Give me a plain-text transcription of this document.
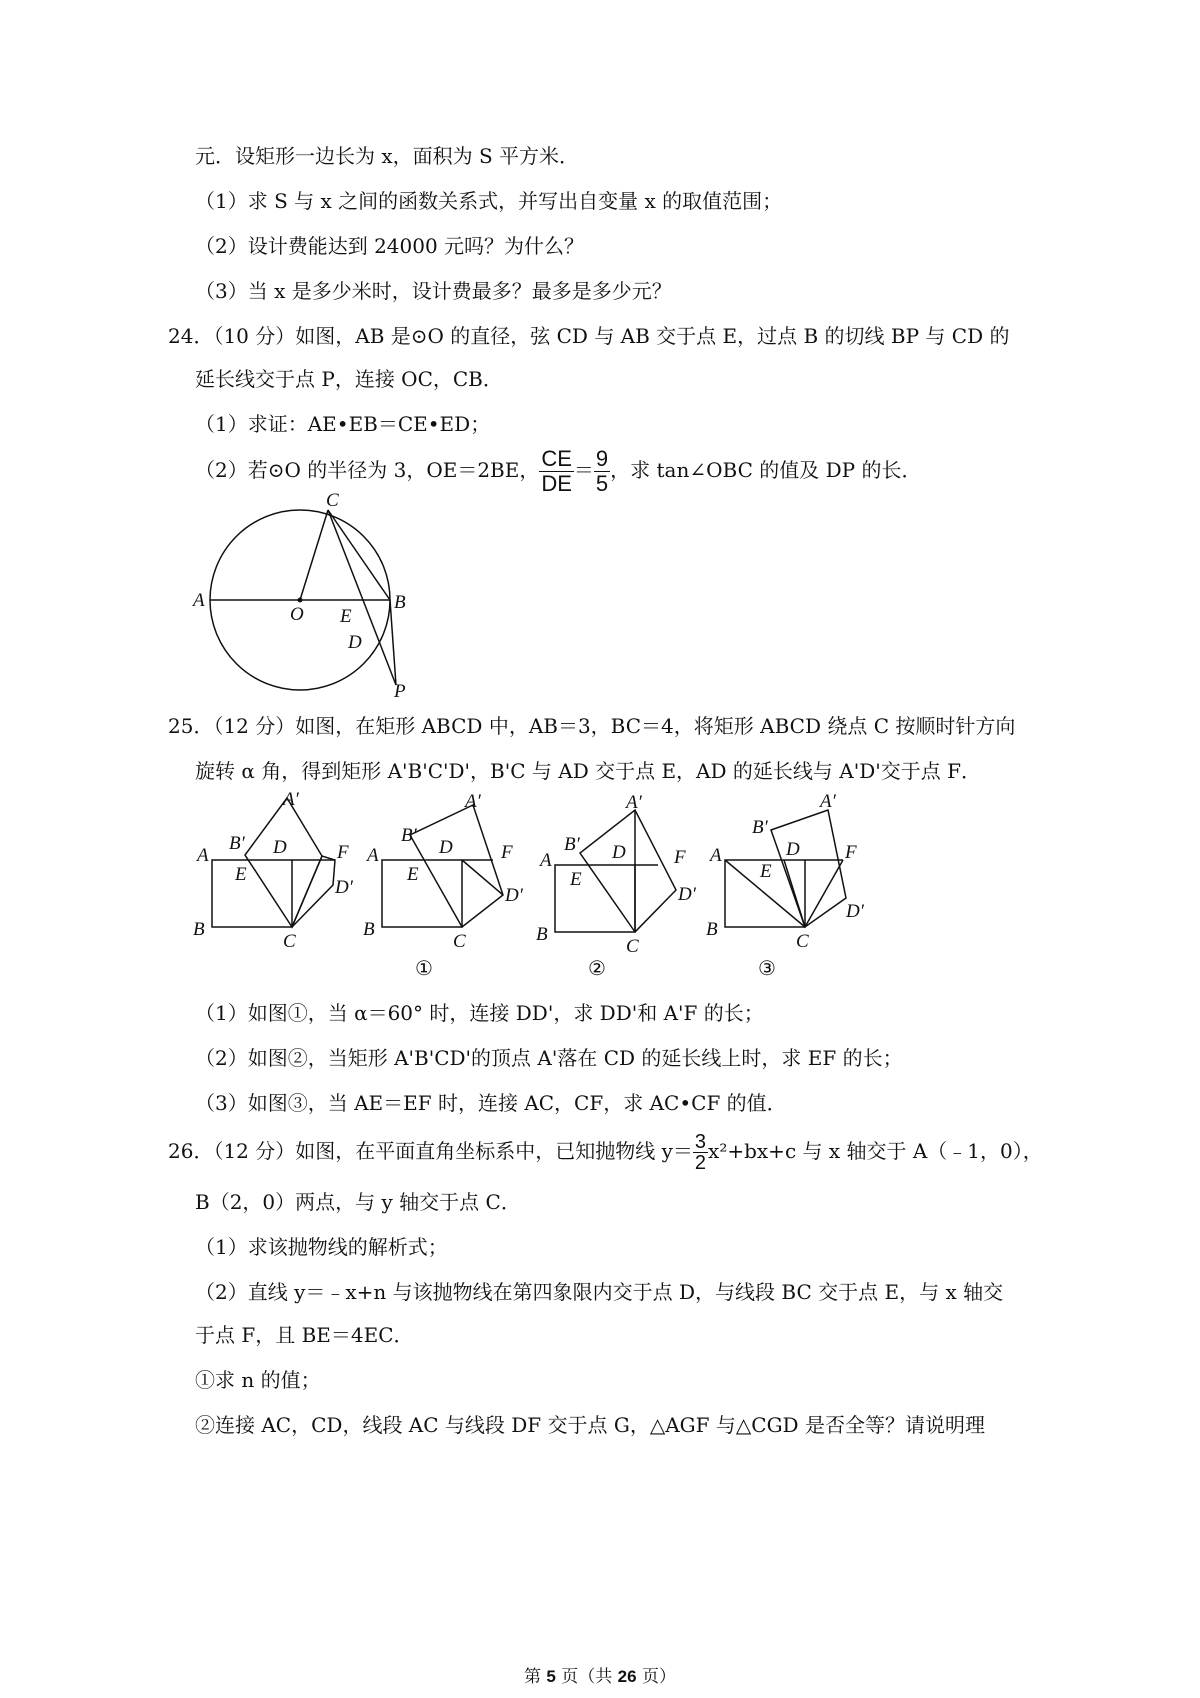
元．设矩形一边长为 x，面积为 S 平方米．
（1）求 S 与 x 之间的函数关系式，并写出自变量 x 的取值范围；
（2）设计费能达到 24000 元吗？为什么？
（3）当 x 是多少米时，设计费最多？最多是多少元？
24．（10 分）如图，AB 是⊙O 的直径，弦 CD 与 AB 交于点 E，过点 B 的切线 BP 与 CD 的
延长线交于点 P，连接 OC，CB．
（1）求证：AE•EB＝CE•ED；
（2）若⊙O 的半径为 3，OE＝2BE， $\frac{CE}{DE} = \frac{9}{5}$ ，求 tan∠OBC 的值及 DP 的长．
A
O E
B
C
D
P
25．（12 分）如图，在矩形 ABCD 中，AB＝3，BC＝4，将矩形 ABCD 绕点 C 按顺时针方向
旋转 α 角，得到矩形 A'B'C'D'，B'C 与 AD 交于点 E，AD 的延长线与 A'D'交于点 F．
A
B
C
D
E
F
A′
B′
D′
A
B
C
D
E
F
A′
B′
D′
①
A
B
C
D
E
F
A′
B′
D′
②
A
B
C
D
E
F
A′
B′
D′
③
（1）如图①，当 α＝60° 时，连接 DD'，求 DD'和 A'F 的长；
（2）如图②，当矩形 A'B'CD'的顶点 A'落在 CD 的延长线上时，求 EF 的长；
（3）如图③，当 AE＝EF 时，连接 AC，CF，求 AC•CF 的值．
26．（12 分）如图，在平面直角坐标系中，已知抛物线 $y= \frac{3}{2} x^2+bx+c$ 与 x 轴交于 A（﹣1，0），
B（2，0）两点，与 y 轴交于点 C．
（1）求该抛物线的解析式；
（2）直线 y＝﹣x+n 与该抛物线在第四象限内交于点 D，与线段 BC 交于点 E，与 x 轴交
于点 F，且 BE＝4EC．
①求 n 的值；
②连接 AC，CD，线段 AC 与线段 DF 交于点 G，△AGF 与△CGD 是否全等？请说明理
第 5 页（共 26 页）
